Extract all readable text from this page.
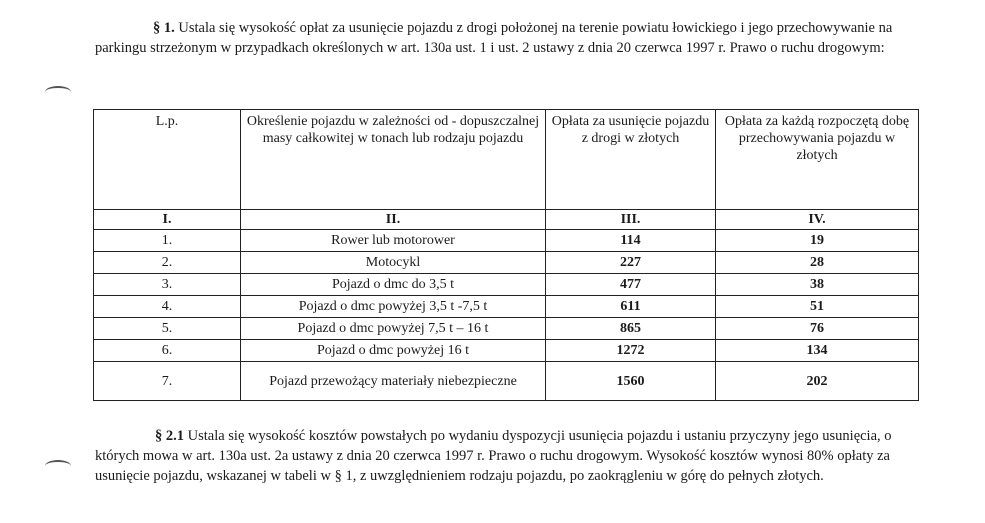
§ 1. Ustala się wysokość opłat za usunięcie pojazdu z drogi położonej na terenie powiatu łowickiego i jego przechowywanie na parkingu strzeżonym w przypadkach określonych w art. 130a ust. 1 i ust. 2 ustawy z dnia 20 czerwca 1997 r. Prawo o ruchu drogowym:
L.p.	Określenie pojazdu w zależności od - dopuszczalnej masy całkowitej w tonach lub rodzaju pojazdu	Opłata za usunięcie pojazdu z drogi w złotych	Opłata za każdą rozpoczętą dobę przechowywania pojazdu w złotych
I.	II.	III.	IV.
1.	Rower lub motorower	114	19
2.	Motocykl	227	28
3.	Pojazd o dmc do 3,5 t	477	38
4.	Pojazd o dmc powyżej 3,5 t -7,5 t	611	51
5.	Pojazd o dmc powyżej 7,5 t – 16 t	865	76
6.	Pojazd o dmc powyżej 16 t	1272	134
7.	Pojazd przewożący materiały niebezpieczne	1560	202
§ 2.1 Ustala się wysokość kosztów powstałych po wydaniu dyspozycji usunięcia pojazdu i ustaniu przyczyny jego usunięcia, o których mowa w art. 130a ust. 2a ustawy z dnia 20 czerwca 1997 r. Prawo o ruchu drogowym. Wysokość kosztów wynosi 80% opłaty za usunięcie pojazdu, wskazanej w tabeli w § 1, z uwzględnieniem rodzaju pojazdu, po zaokrągleniu w górę do pełnych złotych.
